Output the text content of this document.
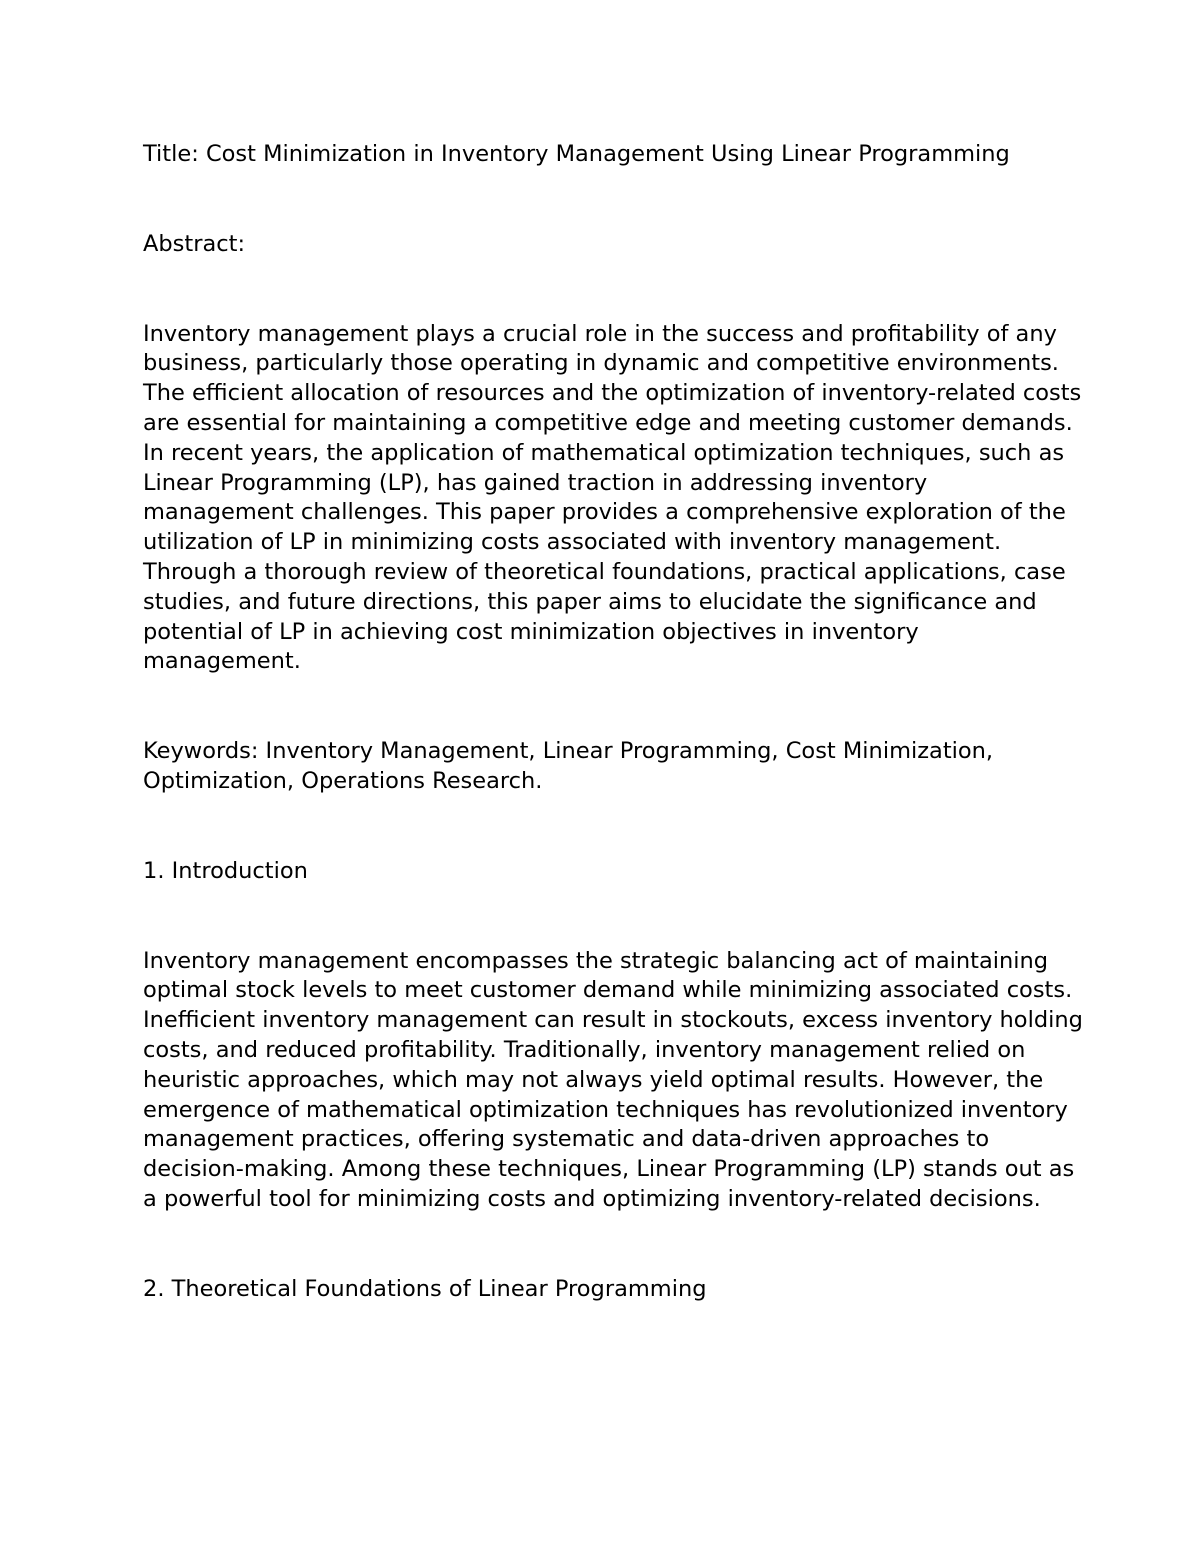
Title: Cost Minimization in Inventory Management Using Linear Programming

Abstract:

Inventory management plays a crucial role in the success and profitability of any business, particularly those operating in dynamic and competitive environments. The efficient allocation of resources and the optimization of inventory-related costs are essential for maintaining a competitive edge and meeting customer demands. In recent years, the application of mathematical optimization techniques, such as Linear Programming (LP), has gained traction in addressing inventory management challenges. This paper provides a comprehensive exploration of the utilization of LP in minimizing costs associated with inventory management. Through a thorough review of theoretical foundations, practical applications, case studies, and future directions, this paper aims to elucidate the significance and potential of LP in achieving cost minimization objectives in inventory management.

Keywords: Inventory Management, Linear Programming, Cost Minimization, Optimization, Operations Research.

1. Introduction

Inventory management encompasses the strategic balancing act of maintaining optimal stock levels to meet customer demand while minimizing associated costs. Inefficient inventory management can result in stockouts, excess inventory holding costs, and reduced profitability. Traditionally, inventory management relied on heuristic approaches, which may not always yield optimal results. However, the emergence of mathematical optimization techniques has revolutionized inventory management practices, offering systematic and data-driven approaches to decision-making. Among these techniques, Linear Programming (LP) stands out as a powerful tool for minimizing costs and optimizing inventory-related decisions.

2. Theoretical Foundations of Linear Programming
